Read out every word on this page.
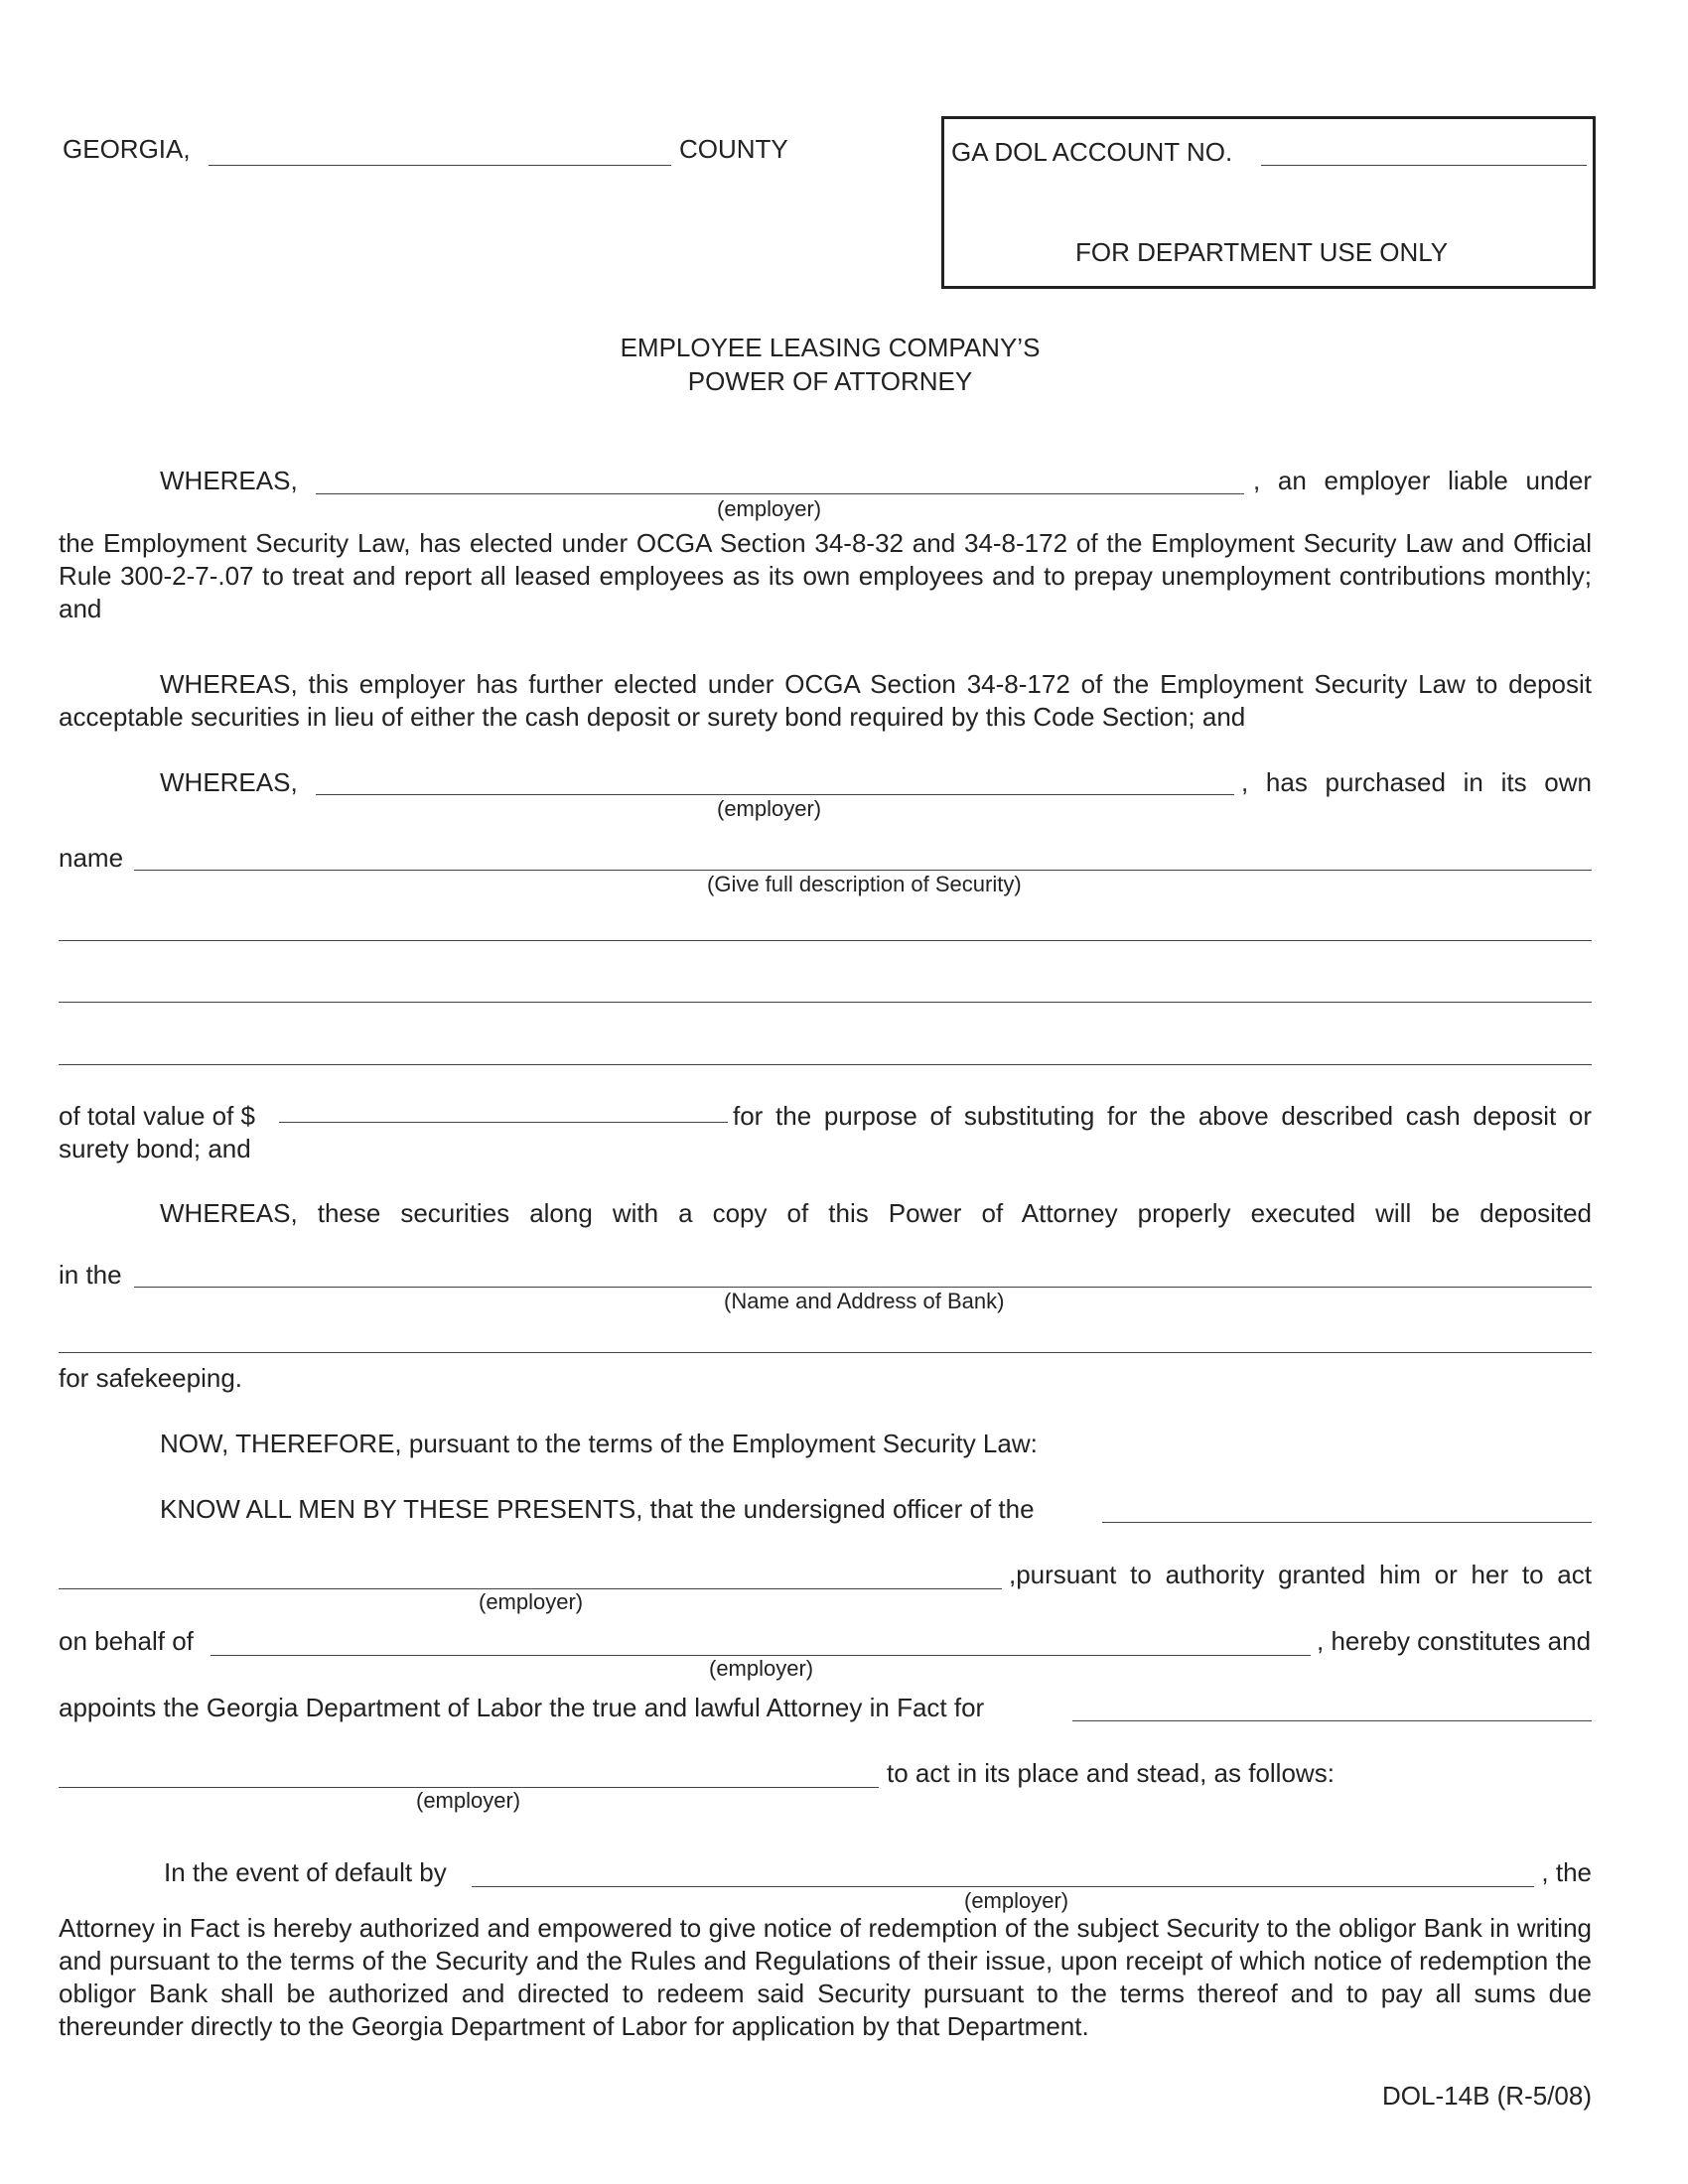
GEORGIA,	COUNTY	GA DOL ACCOUNT NO.
FOR DEPARTMENT USE ONLY
EMPLOYEE LEASING COMPANY’S
POWER OF ATTORNEY
WHEREAS,	, an employer liable under
(employer)
the Employment Security Law, has elected under OCGA Section 34-8-32 and 34-8-172 of the Employment Security Law and Official Rule 300-2-7-.07 to treat and report all leased employees as its own employees and to prepay unemployment contributions monthly; and
WHEREAS, this employer has further elected under OCGA Section 34-8-172 of the Employment Security Law to deposit
acceptable securities in lieu of either the cash deposit or surety bond required by this Code Section; and
WHEREAS,	, has purchased in its own
(employer)
name
(Give full description of Security)
of total value of $	for the purpose of substituting for the above described cash deposit or
surety bond; and
WHEREAS, these securities along with a copy of this Power of Attorney properly executed will be deposited
in the
(Name and Address of Bank)
for safekeeping.
NOW, THEREFORE, pursuant to the terms of the Employment Security Law:
KNOW ALL MEN BY THESE PRESENTS, that the undersigned officer of the
,pursuant to authority granted him or her to act
(employer)
on behalf of	, hereby constitutes and
(employer)
appoints the Georgia Department of Labor the true and lawful Attorney in Fact for
to act in its place and stead, as follows:
(employer)
In the event of default by	, the
(employer)
Attorney in Fact is hereby authorized and empowered to give notice of redemption of the subject Security to the obligor Bank in writing and pursuant to the terms of the Security and the Rules and Regulations of their issue, upon receipt of which notice of redemption the obligor Bank shall be authorized and directed to redeem said Security pursuant to the terms thereof and to pay all sums due thereunder directly to the Georgia Department of Labor for application by that Department.
DOL-14B (R-5/08)
